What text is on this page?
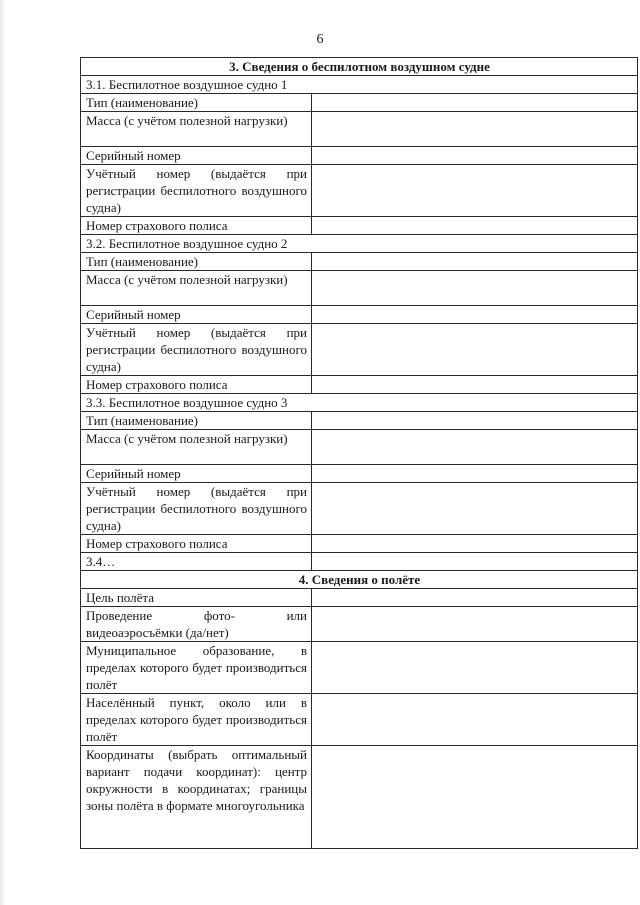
6
3. Сведения о беспилотном воздушном судне	
3.1. Беспилотное воздушное судно 1	
Тип (наименование)	
Масса (с учётом полезной нагрузки)	
Серийный номер	
Учётный номер (выдаётся при регистрации беспилотного воздушного судна)	
Номер страхового полиса	
3.2. Беспилотное воздушное судно 2	
Тип (наименование)	
Масса (с учётом полезной нагрузки)	
Серийный номер	
Учётный номер (выдаётся при регистрации беспилотного воздушного судна)	
Номер страхового полиса	
3.3. Беспилотное воздушное судно 3	
Тип (наименование)	
Масса (с учётом полезной нагрузки)	
Серийный номер	
Учётный номер (выдаётся при регистрации беспилотного воздушного судна)	
Номер страхового полиса	
3.4…	
4. Сведения о полёте	
Цель полёта	
Проведение фото- или видеоаэросъёмки (да/нет)	
Муниципальное образование, в пределах которого будет производиться полёт	
Населённый пункт, около или в пределах которого будет производиться полёт	
Координаты (выбрать оптимальный вариант подачи координат): центр окружности в координатах; границы зоны полёта в формате многоугольника	
